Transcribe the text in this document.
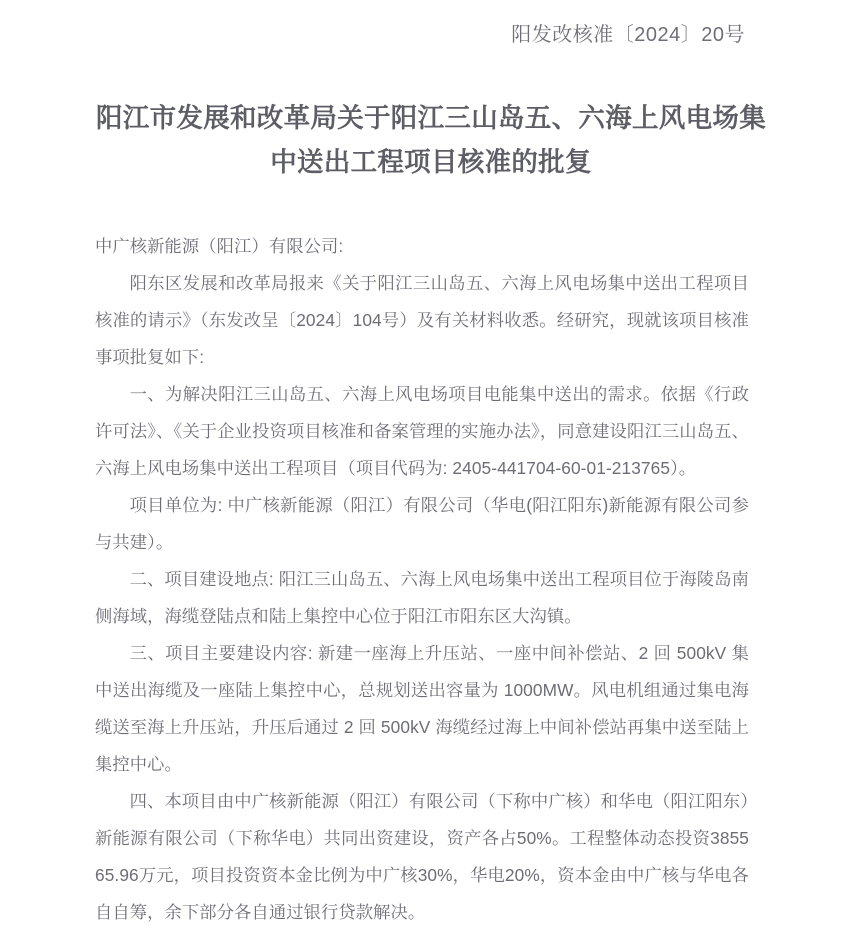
阳发改核准〔2024〕20号
阳江市发展和改革局关于阳江三山岛五、六海上风电场集中送出工程项目核准的批复

中广核新能源（阳江）有限公司:

阳东区发展和改革局报来《关于阳江三山岛五、六海上风电场集中送出工程项目核准的请示》（东发改呈〔2024〕104号）及有关材料收悉。经研究，现就该项目核准事项批复如下:

一、为解决阳江三山岛五、六海上风电场项目电能集中送出的需求。依据《行政许可法》、《关于企业投资项目核准和备案管理的实施办法》，同意建设阳江三山岛五、六海上风电场集中送出工程项目（项目代码为: 2405-441704-60-01-213765）。

项目单位为: 中广核新能源（阳江）有限公司（华电(阳江阳东)新能源有限公司参与共建）。

二、项目建设地点: 阳江三山岛五、六海上风电场集中送出工程项目位于海陵岛南侧海域，海缆登陆点和陆上集控中心位于阳江市阳东区大沟镇。

三、项目主要建设内容: 新建一座海上升压站、一座中间补偿站、2 回 500kV 集中送出海缆及一座陆上集控中心，总规划送出容量为 1000MW。风电机组通过集电海缆送至海上升压站，升压后通过 2 回 500kV 海缆经过海上中间补偿站再集中送至陆上集控中心。

四、本项目由中广核新能源（阳江）有限公司（下称中广核）和华电（阳江阳东）新能源有限公司（下称华电）共同出资建设，资产各占50%。工程整体动态投资385565.96万元，项目投资资本金比例为中广核30%，华电20%，资本金由中广核与华电各自自筹，余下部分各自通过银行贷款解决。
